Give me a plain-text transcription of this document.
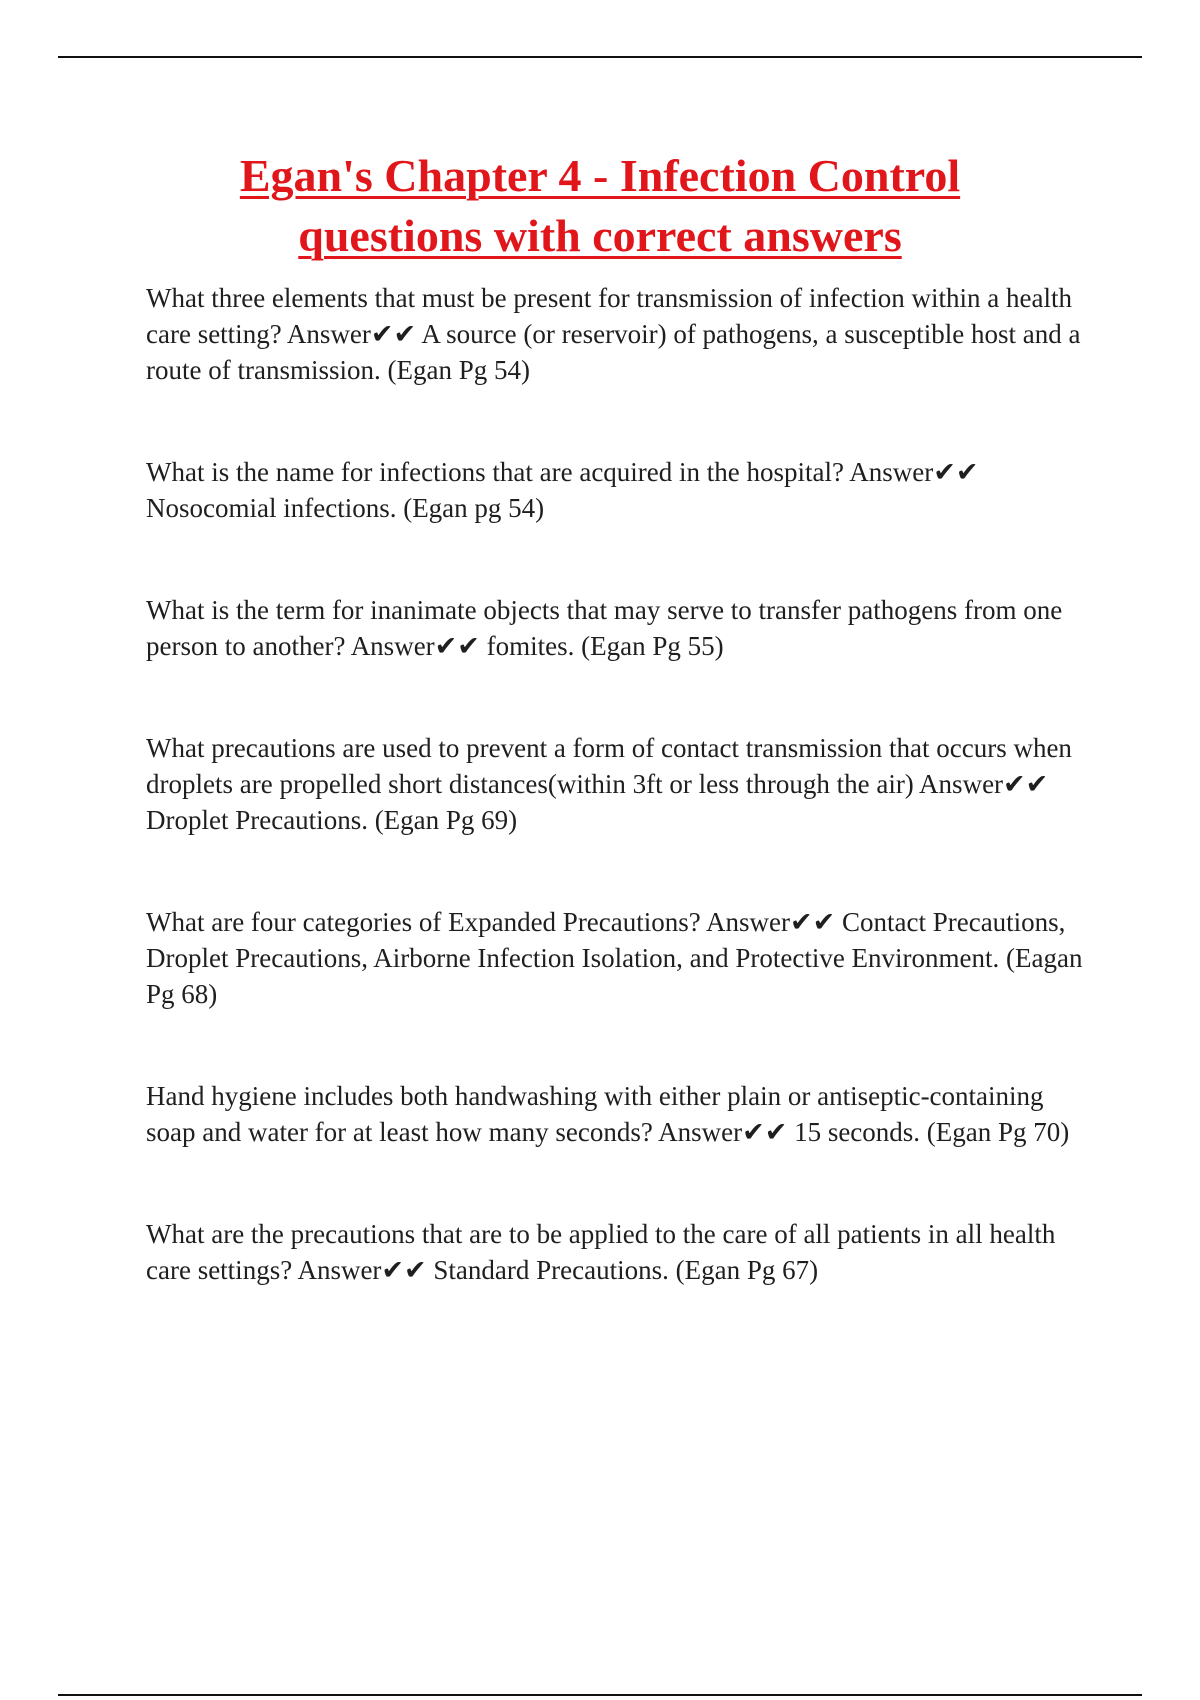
Egan's Chapter 4 - Infection Control
questions with correct answers

What three elements that must be present for transmission of infection within a health care setting? Answer✔✔ A source (or reservoir) of pathogens, a susceptible host and a route of transmission. (Egan Pg 54)

What is the name for infections that are acquired in the hospital? Answer✔✔ Nosocomial infections. (Egan pg 54)

What is the term for inanimate objects that may serve to transfer pathogens from one person to another? Answer✔✔ fomites. (Egan Pg 55)

What precautions are used to prevent a form of contact transmission that occurs when droplets are propelled short distances(within 3ft or less through the air) Answer✔✔ Droplet Precautions. (Egan Pg 69)

What are four categories of Expanded Precautions? Answer✔✔ Contact Precautions, Droplet Precautions, Airborne Infection Isolation, and Protective Environment. (Eagan Pg 68)

Hand hygiene includes both handwashing with either plain or antiseptic-containing soap and water for at least how many seconds? Answer✔✔ 15 seconds. (Egan Pg 70)

What are the precautions that are to be applied to the care of all patients in all health care settings? Answer✔✔ Standard Precautions. (Egan Pg 67)
